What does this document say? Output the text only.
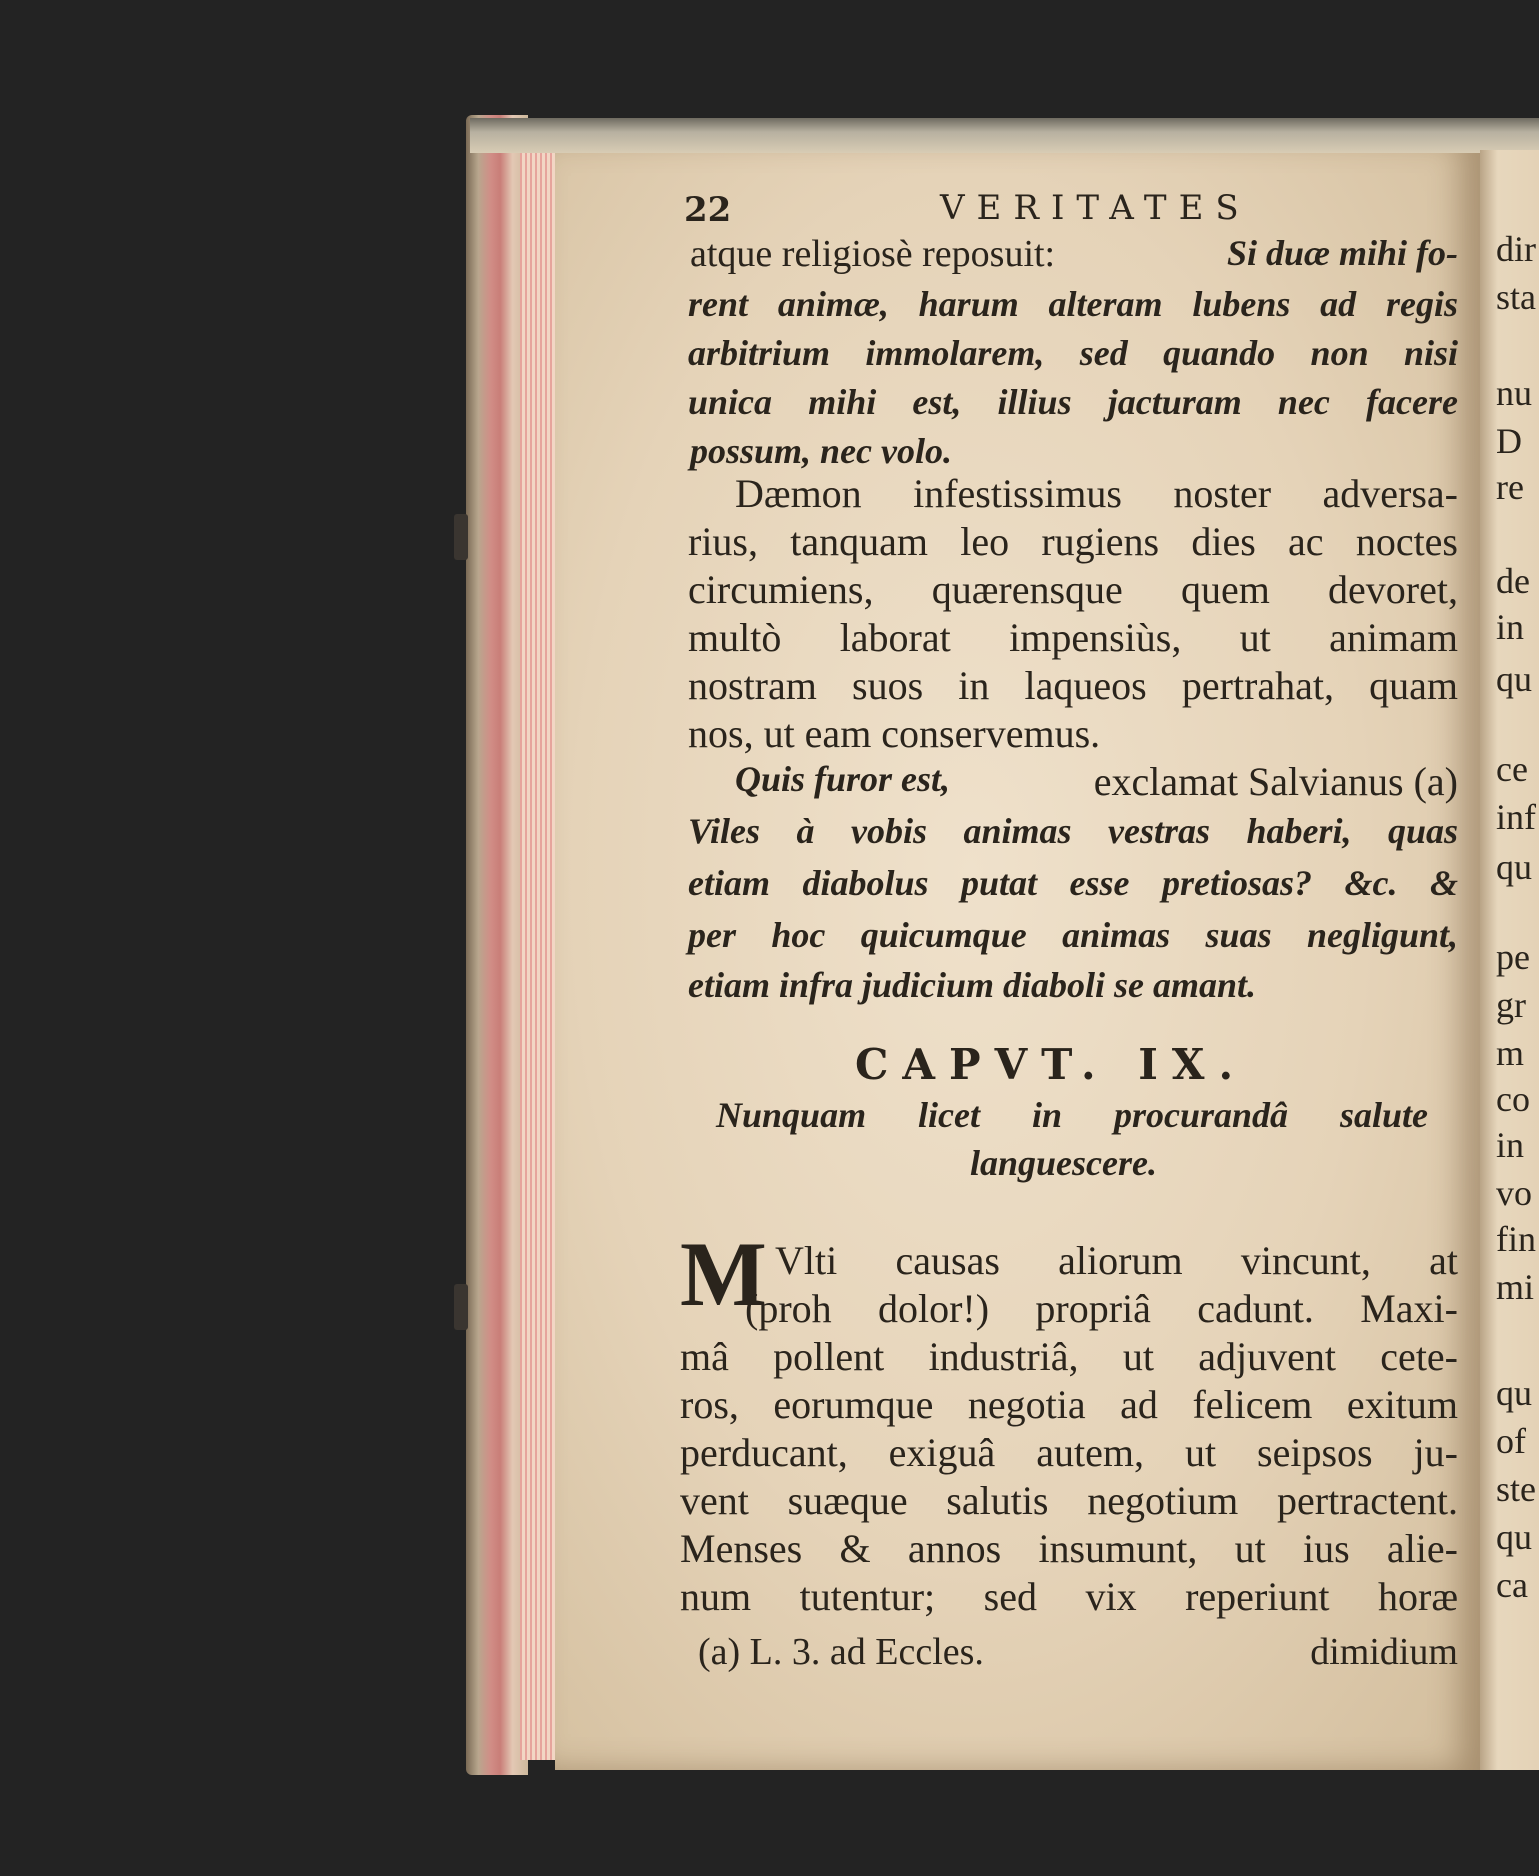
22	VERITATES
atque religiosè reposuit:	Si duæ mihi fo-
rent animæ, harum alteram lubens ad regis
arbitrium immolarem, sed quando non nisi
unica mihi est, illius jacturam nec facere
possum, nec volo.
Dæmon infestissimus noster adversa-
rius, tanquam leo rugiens dies ac noctes
circumiens, quærensque quem devoret,
multò laborat impensiùs, ut animam
nostram suos in laqueos pertrahat, quam
nos, ut eam conservemus.
Quis furor est,	exclamat Salvianus (a)
Viles à vobis animas vestras haberi, quas
etiam diabolus putat esse pretiosas? &c. &
per hoc quicumque animas suas negligunt,
etiam infra judicium diaboli se amant.
CAPVT. IX.
Nunquam licet in procurandâ salute
languescere.
M Vlti causas aliorum vincunt, at
(proh dolor!) propriâ cadunt. Maxi-
mâ pollent industriâ, ut adjuvent cete-
ros, eorumque negotia ad felicem exitum
perducant, exiguâ autem, ut seipsos ju-
vent suæque salutis negotium pertractent.
Menses & annos insumunt, ut ius alie-
num tutentur; sed vix reperiunt horæ
(a) L. 3. ad Eccles.	dimidium
dir
sta
nu
D
re
de
in
qu
ce
inf
qu
pe
gr
m
co
in
vo
fin
mi
qu
of
ste
qu
ca
